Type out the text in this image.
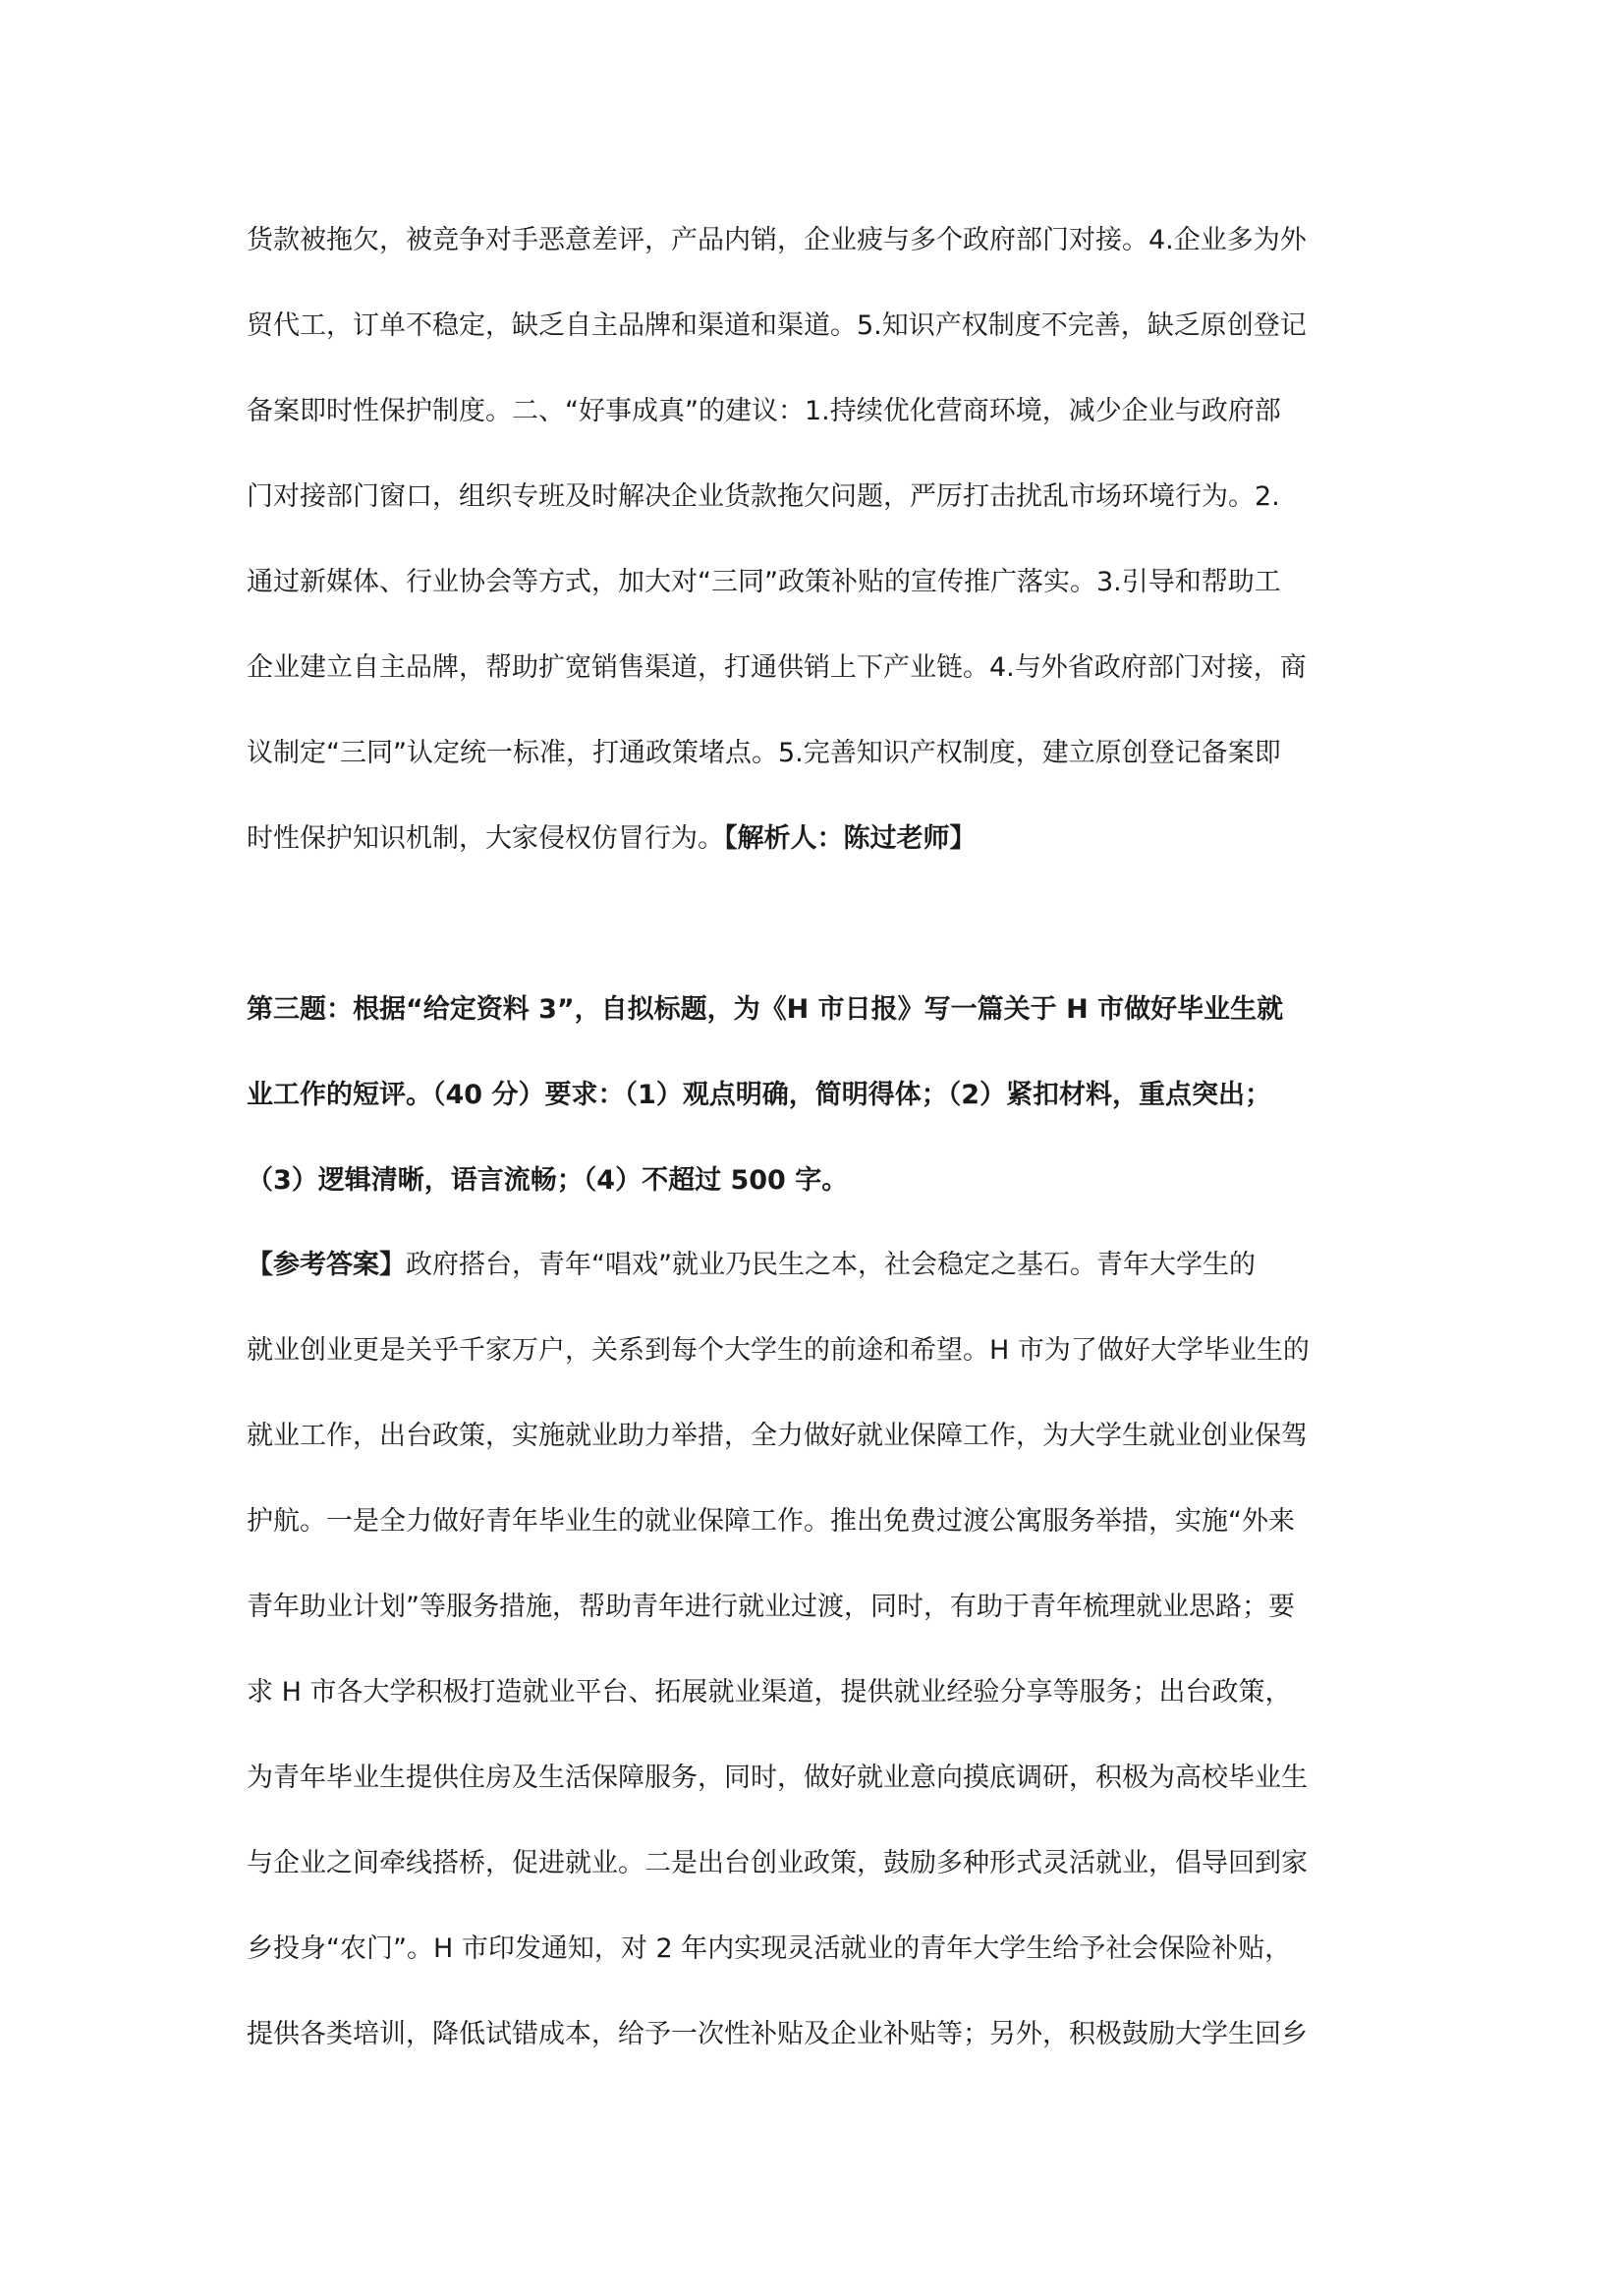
货款被拖欠，被竞争对手恶意差评，产品内销，企业疲与多个政府部门对接。4.企业多为外
贸代工，订单不稳定，缺乏自主品牌和渠道和渠道。5.知识产权制度不完善，缺乏原创登记
备案即时性保护制度。二、“好事成真”的建议：1.持续优化营商环境，减少企业与政府部
门对接部门窗口，组织专班及时解决企业货款拖欠问题，严厉打击扰乱市场环境行为。2.
通过新媒体、行业协会等方式，加大对“三同”政策补贴的宣传推广落实。3.引导和帮助工
企业建立自主品牌，帮助扩宽销售渠道，打通供销上下产业链。4.与外省政府部门对接，商
议制定“三同”认定统一标准，打通政策堵点。5.完善知识产权制度，建立原创登记备案即
时性保护知识机制，大家侵权仿冒行为。【解析人：陈过老师】
第三题：根据“给定资料 3”，自拟标题，为《H 市日报》写一篇关于 H 市做好毕业生就
业工作的短评。（40 分）要求：（1）观点明确，简明得体；（2）紧扣材料，重点突出；
（3）逻辑清晰，语言流畅；（4）不超过 500 字。
【参考答案】政府搭台，青年“唱戏”就业乃民生之本，社会稳定之基石。青年大学生的
就业创业更是关乎千家万户，关系到每个大学生的前途和希望。H 市为了做好大学毕业生的
就业工作，出台政策，实施就业助力举措，全力做好就业保障工作，为大学生就业创业保驾
护航。一是全力做好青年毕业生的就业保障工作。推出免费过渡公寓服务举措，实施“外来
青年助业计划”等服务措施，帮助青年进行就业过渡，同时，有助于青年梳理就业思路；要
求 H 市各大学积极打造就业平台、拓展就业渠道，提供就业经验分享等服务；出台政策，
为青年毕业生提供住房及生活保障服务，同时，做好就业意向摸底调研，积极为高校毕业生
与企业之间牵线搭桥，促进就业。二是出台创业政策，鼓励多种形式灵活就业，倡导回到家
乡投身“农门”。H 市印发通知，对 2 年内实现灵活就业的青年大学生给予社会保险补贴，
提供各类培训，降低试错成本，给予一次性补贴及企业补贴等；另外，积极鼓励大学生回乡
